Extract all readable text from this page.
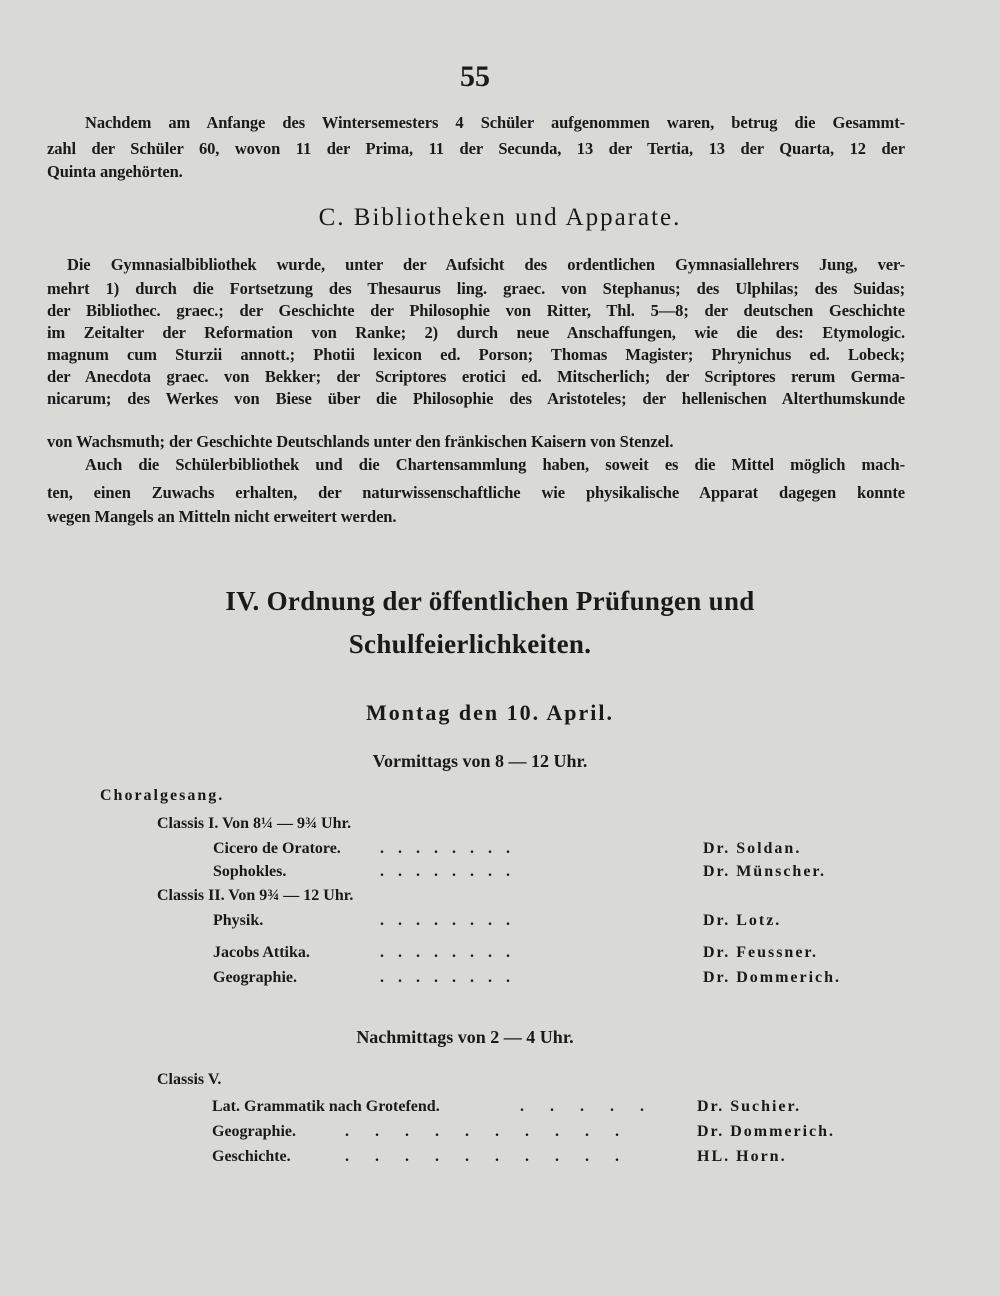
55
Nachdem am Anfange des Wintersemesters 4 Schüler aufgenommen waren, betrug die Gesammt-
zahl der Schüler 60, wovon 11 der Prima, 11 der Secunda, 13 der Tertia, 13 der Quarta, 12 der
Quinta angehörten.
C. Bibliotheken und Apparate.
Die Gymnasialbibliothek wurde, unter der Aufsicht des ordentlichen Gymnasiallehrers Jung, ver-
mehrt 1) durch die Fortsetzung des Thesaurus ling. graec. von Stephanus; des Ulphilas; des Suidas;
der Bibliothec. graec.; der Geschichte der Philosophie von Ritter, Thl. 5—8; der deutschen Geschichte
im Zeitalter der Reformation von Ranke; 2) durch neue Anschaffungen, wie die des: Etymologic.
magnum cum Sturzii annott.; Photii lexicon ed. Porson; Thomas Magister; Phrynichus ed. Lobeck;
der Anecdota graec. von Bekker; der Scriptores erotici ed. Mitscherlich; der Scriptores rerum Germa-
nicarum; des Werkes von Biese über die Philosophie des Aristoteles; der hellenischen Alterthumskunde
von Wachsmuth; der Geschichte Deutschlands unter den fränkischen Kaisern von Stenzel.
Auch die Schülerbibliothek und die Chartensammlung haben, soweit es die Mittel möglich mach-
ten, einen Zuwachs erhalten, der naturwissenschaftliche wie physikalische Apparat dagegen konnte
wegen Mangels an Mitteln nicht erweitert werden.
IV. Ordnung der öffentlichen Prüfungen und
Schulfeierlichkeiten.
Montag den 10. April.
Vormittags von 8 — 12 Uhr.
Choralgesang.
Classis I. Von 8¼ — 9¾ Uhr.
Cicero de Oratore. ........	Dr. Soldan.
Sophokles.	........	Dr. Münscher.
Classis II. Von 9¾ — 12 Uhr.
Physik.	........	Dr. Lotz.
Jacobs Attika.	........	Dr. Feussner.
Geographie.	........	Dr. Dommerich.
Nachmittags von 2 — 4 Uhr.
Classis V.
Lat. Grammatik nach Grotefend.	..... Dr. Suchier.
Geographie.	..........	Dr. Dommerich.
Geschichte.	..........	HL. Horn.
